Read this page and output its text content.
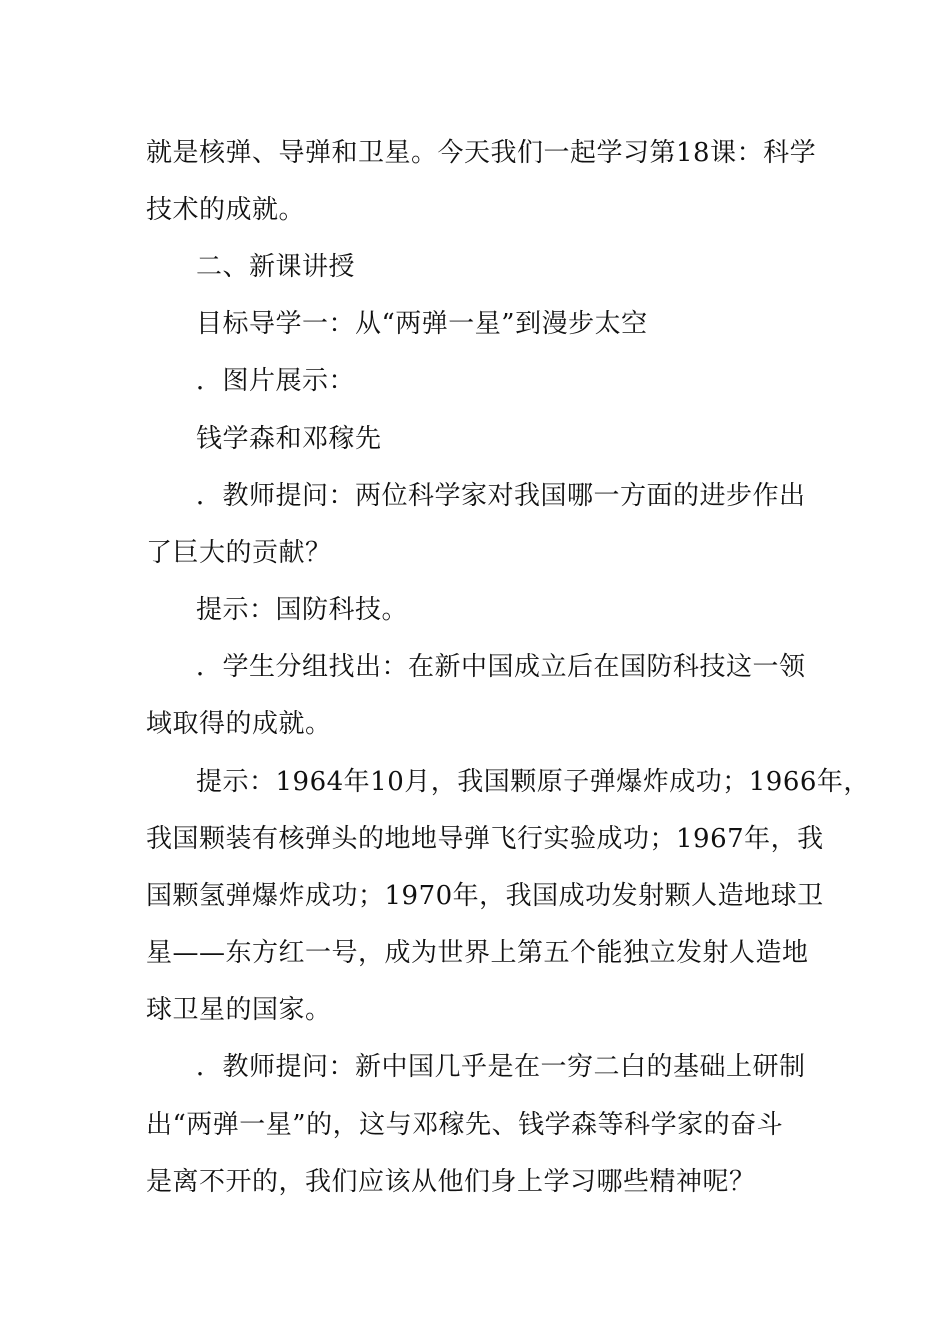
就是核弹、导弹和卫星。今天我们一起学习第18课：科学
技术的成就。
二、新课讲授
目标导学一：从“两弹一星”到漫步太空
．图片展示：
钱学森和邓稼先
．教师提问：两位科学家对我国哪一方面的进步作出
了巨大的贡献？
提示：国防科技。
．学生分组找出：在新中国成立后在国防科技这一领
域取得的成就。
提示：1964年10月，我国颗原子弹爆炸成功；1966年，
我国颗装有核弹头的地地导弹飞行实验成功；1967年，我
国颗氢弹爆炸成功；1970年，我国成功发射颗人造地球卫
星——东方红一号，成为世界上第五个能独立发射人造地
球卫星的国家。
．教师提问：新中国几乎是在一穷二白的基础上研制
出“两弹一星”的，这与邓稼先、钱学森等科学家的奋斗
是离不开的，我们应该从他们身上学习哪些精神呢？
